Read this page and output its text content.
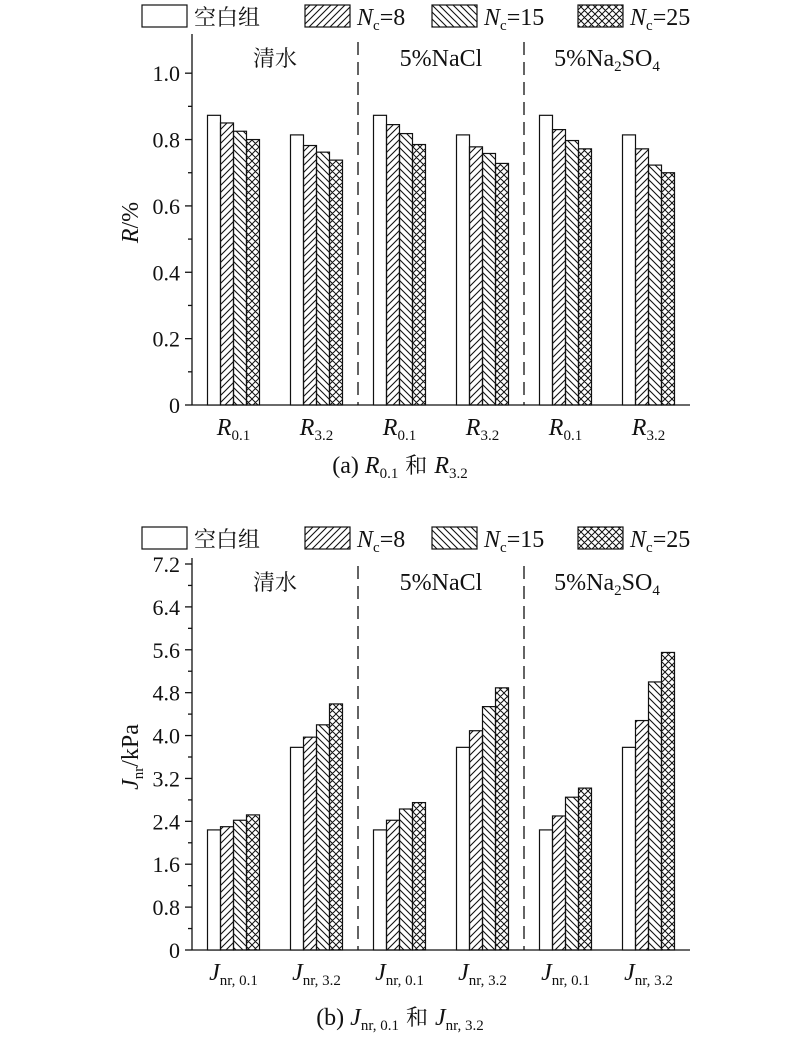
空白组	$N_c=8$	$N_c=15$	$N_c=25$
0
0.2
0.4
0.6
0.8
1.0
R/%
清水	5%NaCl	$5\%Na_2SO_4$
$R_{0.1}$ $R_{3.2}$ $R_{0.1}$ $R_{3.2}$ $R_{0.1}$ $R_{3.2}$
(a) $R_{0.1}$ 和 $R_{3.2}$
空白组	$N_c=8$	$N_c=15$	$N_c=25$
0
0.8
1.6
2.4
3.2
4.0
4.8
5.6
6.4
7.2
$J_{nr}$/kPa
清水	5%NaCl	$5\%Na_2SO_4$
$J_{nr, 0.1}$ $J_{nr, 3.2}$ $J_{nr, 0.1}$ $J_{nr, 3.2}$ $J_{nr, 0.1}$ $J_{nr, 3.2}$
(b) $J_{nr, 0.1}$ 和 $J_{nr, 3.2}$
